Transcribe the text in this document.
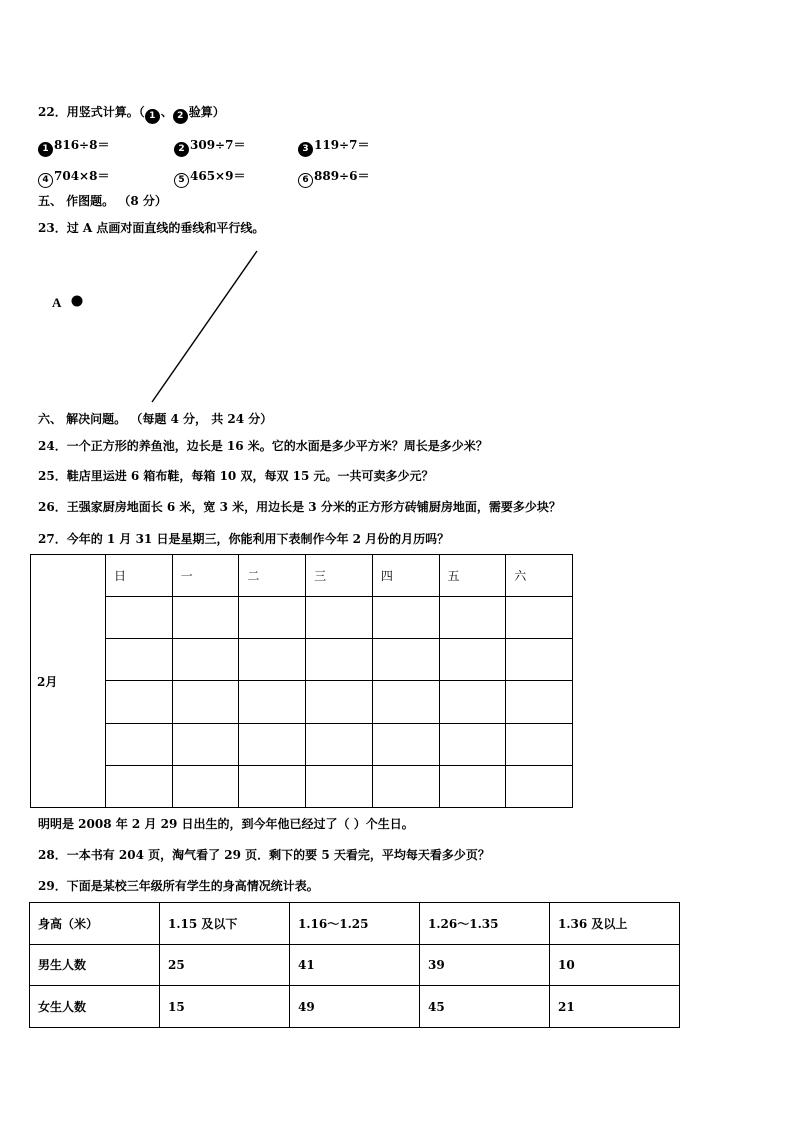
22．用竖式计算。（ 1 、 2 验算）
1 816÷8＝	2 309÷7＝	3 119÷7＝
4 704×8＝	5 465×9＝	6 889÷6＝
五、 作图题。 （8 分）
23．过 A 点画对面直线的垂线和平行线。
A
六、 解决问题。 （每题 4 分， 共 24 分）
24．一个正方形的养鱼池，边长是 16 米。它的水面是多少平方米？周长是多少米？
25．鞋店里运进 6 箱布鞋，每箱 10 双，每双 15 元。一共可卖多少元？
26．王强家厨房地面长 6 米，宽 3 米，用边长是 3 分米的正方形方砖铺厨房地面，需要多少块？
27．今年的 1 月 31 日是星期三，你能利用下表制作今年 2 月份的月历吗？
2月	日	一	二	三	四	五	六

明明是 2008 年 2 月 29 日出生的，到今年他已经过了（ ）个生日。
28．一本书有 204 页，淘气看了 29 页．剩下的要 5 天看完，平均每天看多少页？
29．下面是某校三年级所有学生的身高情况统计表。
身高（米）	1.15 及以下	1.16～1.25	1.26～1.35	1.36 及以上
男生人数	25	41	39	10
女生人数	15	49	45	21
